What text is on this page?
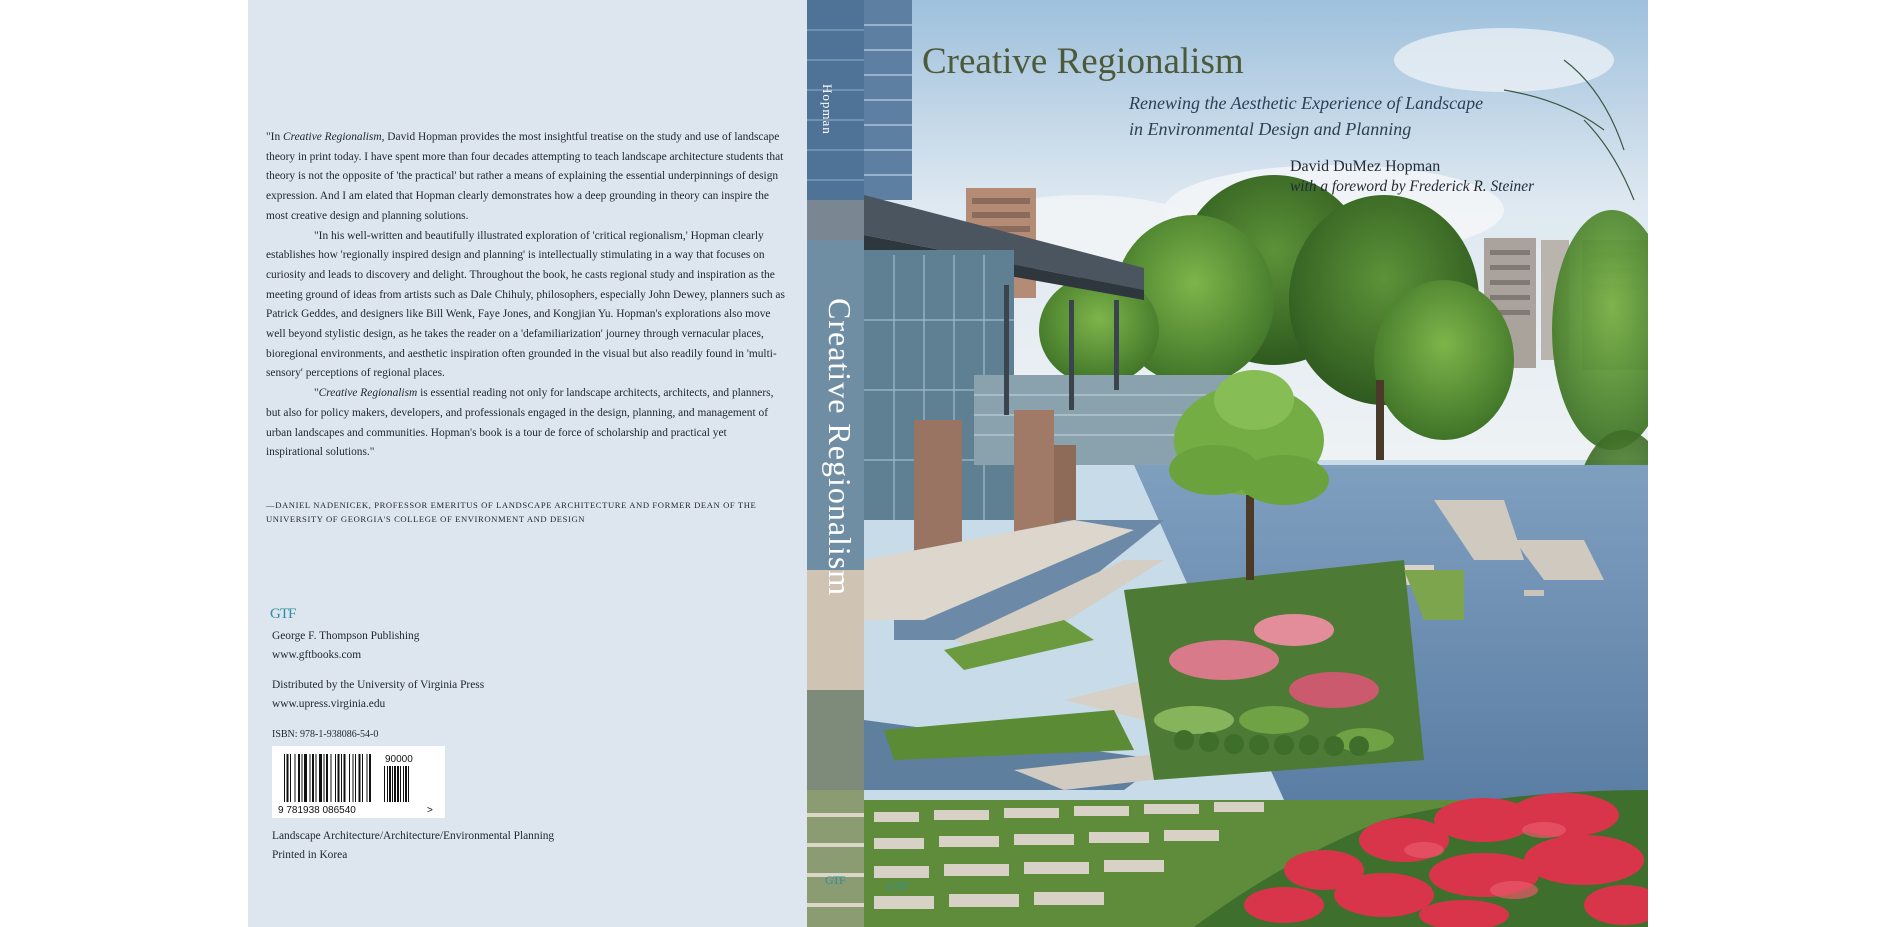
"In Creative Regionalism, David Hopman provides the most insightful treatise on the study and use of landscape theory in print today. I have spent more than four decades attempting to teach landscape architecture students that theory is not the opposite of 'the practical' but rather a means of explaining the essential underpinnings of design expression. And I am elated that Hopman clearly demonstrates how a deep grounding in theory can inspire the most creative design and planning solutions.

"In his well-written and beautifully illustrated exploration of 'critical regionalism,' Hopman clearly establishes how 'regionally inspired design and planning' is intellectually stimulating in a way that focuses on curiosity and leads to discovery and delight. Throughout the book, he casts regional study and inspiration as the meeting ground of ideas from artists such as Dale Chihuly, philosophers, especially John Dewey, planners such as Patrick Geddes, and designers like Bill Wenk, Faye Jones, and Kongjian Yu. Hopman's explorations also move well beyond stylistic design, as he takes the reader on a 'defamiliarization' journey through vernacular places, bioregional environments, and aesthetic inspiration often grounded in the visual but also readily found in 'multi-sensory' perceptions of regional places.

"Creative Regionalism is essential reading not only for landscape architects, architects, and planners, but also for policy makers, developers, and professionals engaged in the design, planning, and management of urban landscapes and communities. Hopman's book is a tour de force of scholarship and practical yet inspirational solutions."

—DANIEL NADENICEK, PROFESSOR EMERITUS OF LANDSCAPE ARCHITECTURE AND FORMER DEAN OF THE UNIVERSITY OF GEORGIA'S COLLEGE OF ENVIRONMENT AND DESIGN
GTF
George F. Thompson Publishing
www.gftbooks.com
Distributed by the University of Virginia Press
www.upress.virginia.edu
ISBN: 978-1-938086-54-0
90000
9 781938 086540	>
Landscape Architecture/Architecture/Environmental Planning
Printed in Korea
Hopman
Creative Regionalism
GTF	GTF
Creative Regionalism
Renewing the Aesthetic Experience of Landscape
in Environmental Design and Planning
David DuMez Hopman
with a foreword by Frederick R. Steiner
